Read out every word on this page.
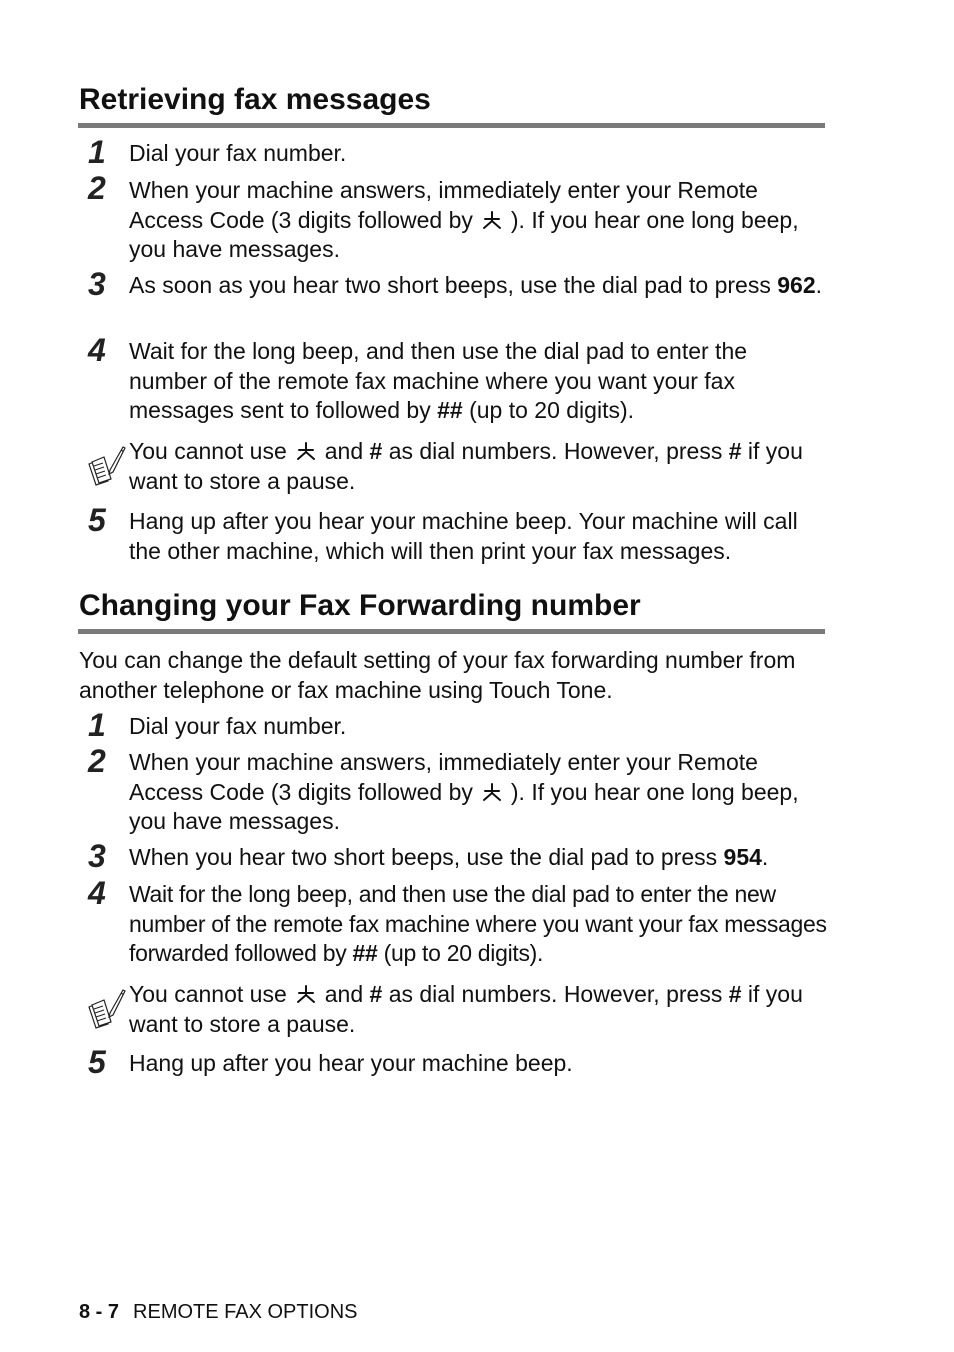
Retrieving fax messages
1	Dial your fax number.
2	When your machine answers, immediately enter your Remote Access Code (3 digits followed by ). If you hear one long beep, you have messages.
3	As soon as you hear two short beeps, use the dial pad to press 962.
4	Wait for the long beep, and then use the dial pad to enter the number of the remote fax machine where you want your fax messages sent to followed by ## (up to 20 digits).
You cannot use and # as dial numbers. However, press # if you want to store a pause.
5	Hang up after you hear your machine beep. Your machine will call the other machine, which will then print your fax messages.
Changing your Fax Forwarding number
You can change the default setting of your fax forwarding number from another telephone or fax machine using Touch Tone.
1	Dial your fax number.
2	When your machine answers, immediately enter your Remote Access Code (3 digits followed by ). If you hear one long beep, you have messages.
3	When you hear two short beeps, use the dial pad to press 954.
4	Wait for the long beep, and then use the dial pad to enter the new number of the remote fax machine where you want your fax messages forwarded followed by ## (up to 20 digits).
You cannot use and # as dial numbers. However, press # if you want to store a pause.
5	Hang up after you hear your machine beep.
8 - 7 REMOTE FAX OPTIONS
